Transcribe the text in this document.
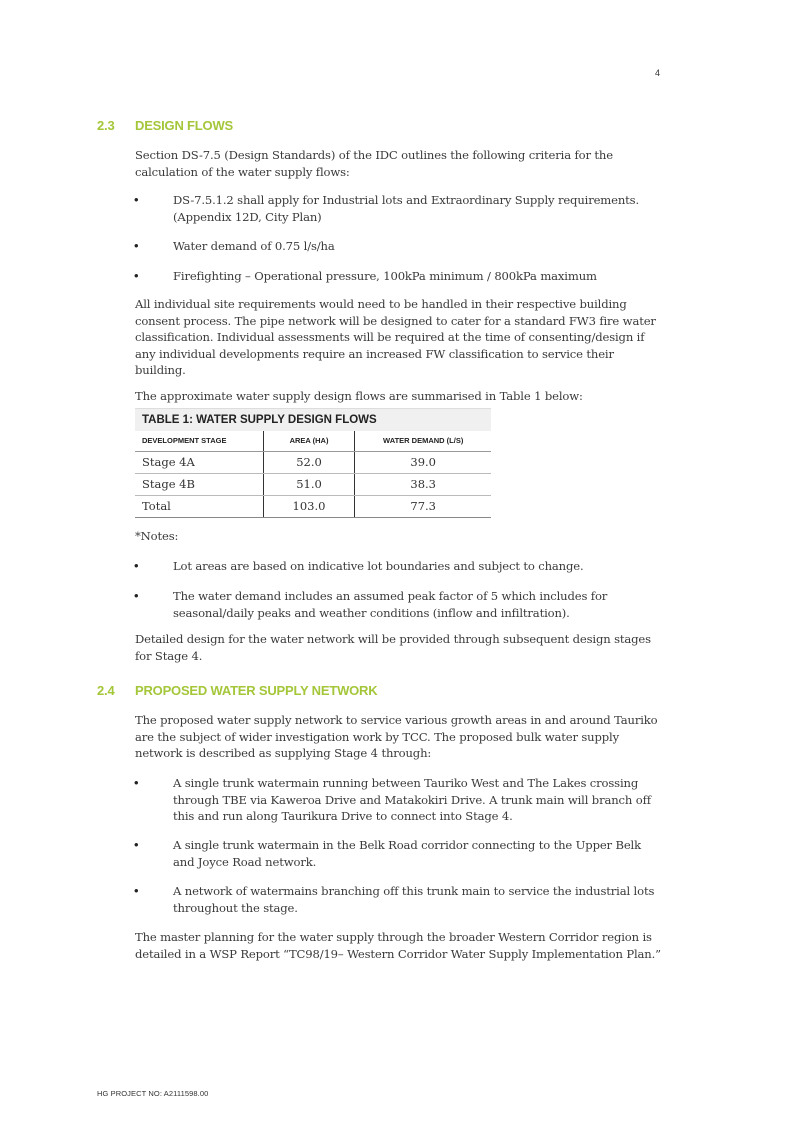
4
2.3 DESIGN FLOWS
Section DS-7.5 (Design Standards) of the IDC outlines the following criteria for the calculation of the water supply flows:
•	DS-7.5.1.2 shall apply for Industrial lots and Extraordinary Supply requirements. (Appendix 12D, City Plan)
•	Water demand of 0.75 l/s/ha
•	Firefighting – Operational pressure, 100kPa minimum / 800kPa maximum
All individual site requirements would need to be handled in their respective building consent process. The pipe network will be designed to cater for a standard FW3 fire water classification. Individual assessments will be required at the time of consenting/design if any individual developments require an increased FW classification to service their building.
The approximate water supply design flows are summarised in Table 1 below:
TABLE 1: WATER SUPPLY DESIGN FLOWS
DEVELOPMENT STAGE	AREA (HA)	WATER DEMAND (L/S)
Stage 4A	52.0	39.0
Stage 4B	51.0	38.3
Total	103.0	77.3
*Notes:
•	Lot areas are based on indicative lot boundaries and subject to change.
•	The water demand includes an assumed peak factor of 5 which includes for seasonal/daily peaks and weather conditions (inflow and infiltration).
Detailed design for the water network will be provided through subsequent design stages for Stage 4.
2.4 PROPOSED WATER SUPPLY NETWORK
The proposed water supply network to service various growth areas in and around Tauriko are the subject of wider investigation work by TCC. The proposed bulk water supply network is described as supplying Stage 4 through:
•	A single trunk watermain running between Tauriko West and The Lakes crossing through TBE via Kaweroa Drive and Matakokiri Drive. A trunk main will branch off this and run along Taurikura Drive to connect into Stage 4.
•	A single trunk watermain in the Belk Road corridor connecting to the Upper Belk and Joyce Road network.
•	A network of watermains branching off this trunk main to service the industrial lots throughout the stage.
The master planning for the water supply through the broader Western Corridor region is detailed in a WSP Report “TC98/19– Western Corridor Water Supply Implementation Plan.”
HG PROJECT NO: A2111598.00
